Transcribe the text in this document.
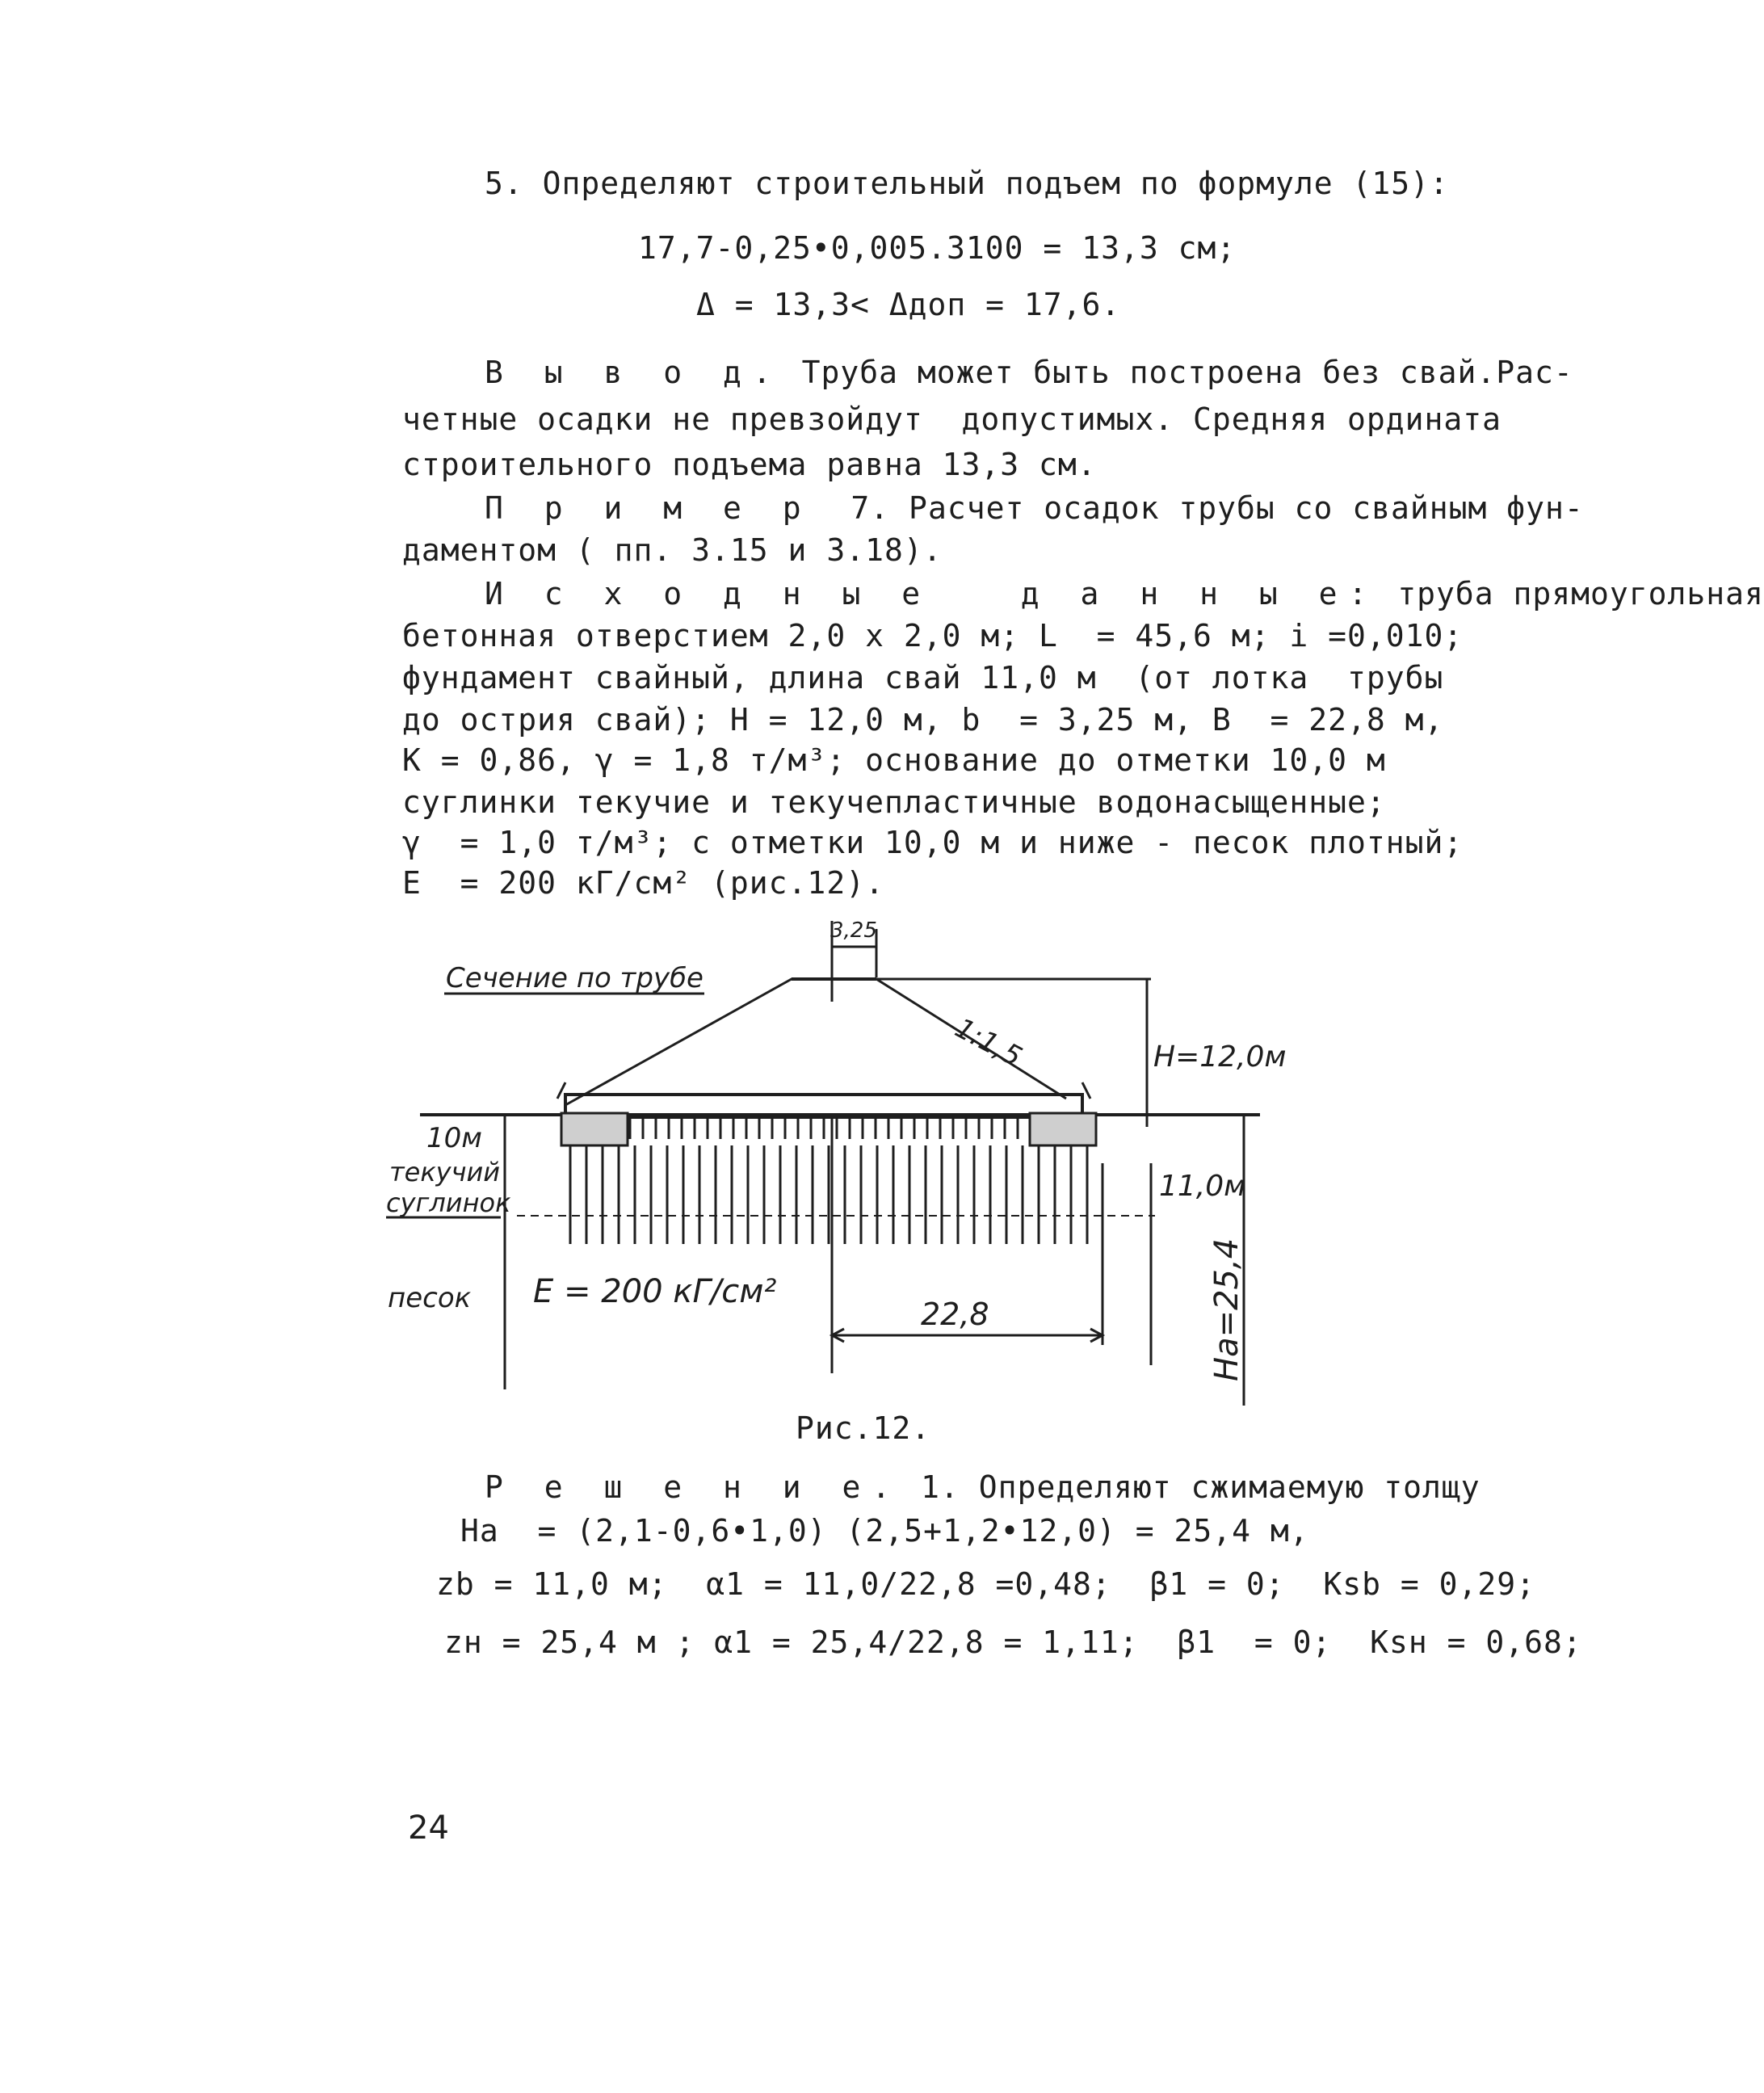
5. Определяют строительный подъем по формуле (15):
17,7-0,25•0,005.3100 = 13,3 см;
Δ = 13,3< Δдоп = 17,6.
В ы в о д. Труба может быть построена без свай.Рас-
четные осадки не превзойдут  допустимых. Средняя ордината
строительного подъема равна 13,3 см.
П р и м е р  7. Расчет осадок трубы со свайным фун-
даментом ( пп. 3.15 и 3.18).
И с х о д н ы е   д а н н ы е: труба прямоугольная
бетонная отверстием 2,0 х 2,0 м; L  = 45,6 м; i =0,010;
фундамент свайный, длина свай 11,0 м  (от лотка  трубы
до острия свай); H = 12,0 м, b  = 3,25 м, B  = 22,8 м,
K = 0,86, γ = 1,8 т/м³; основание до отметки 10,0 м
суглинки текучие и текучепластичные водонасыщенные;
γ  = 1,0 т/м³; с отметки 10,0 м и ниже - песок плотный;
E  = 200 кГ/см² (рис.12).
Сечение по трубе
3,25
1:1,5	H=12,0м
10м
текучий
суглинок	11,0м
песок E = 200 кГ/см²
22,8	Hа=25,4
Рис.12.
Р е ш е н и е. 1. Определяют сжимаемую толщу
Hа  = (2,1-0,6•1,0) (2,5+1,2•12,0) = 25,4 м,
zb = 11,0 м;  α1 = 11,0/22,8 =0,48;  β1 = 0;  Ksb = 0,29;
zн = 25,4 м ; α1 = 25,4/22,8 = 1,11;  β1  = 0;  Ksн = 0,68;
24
